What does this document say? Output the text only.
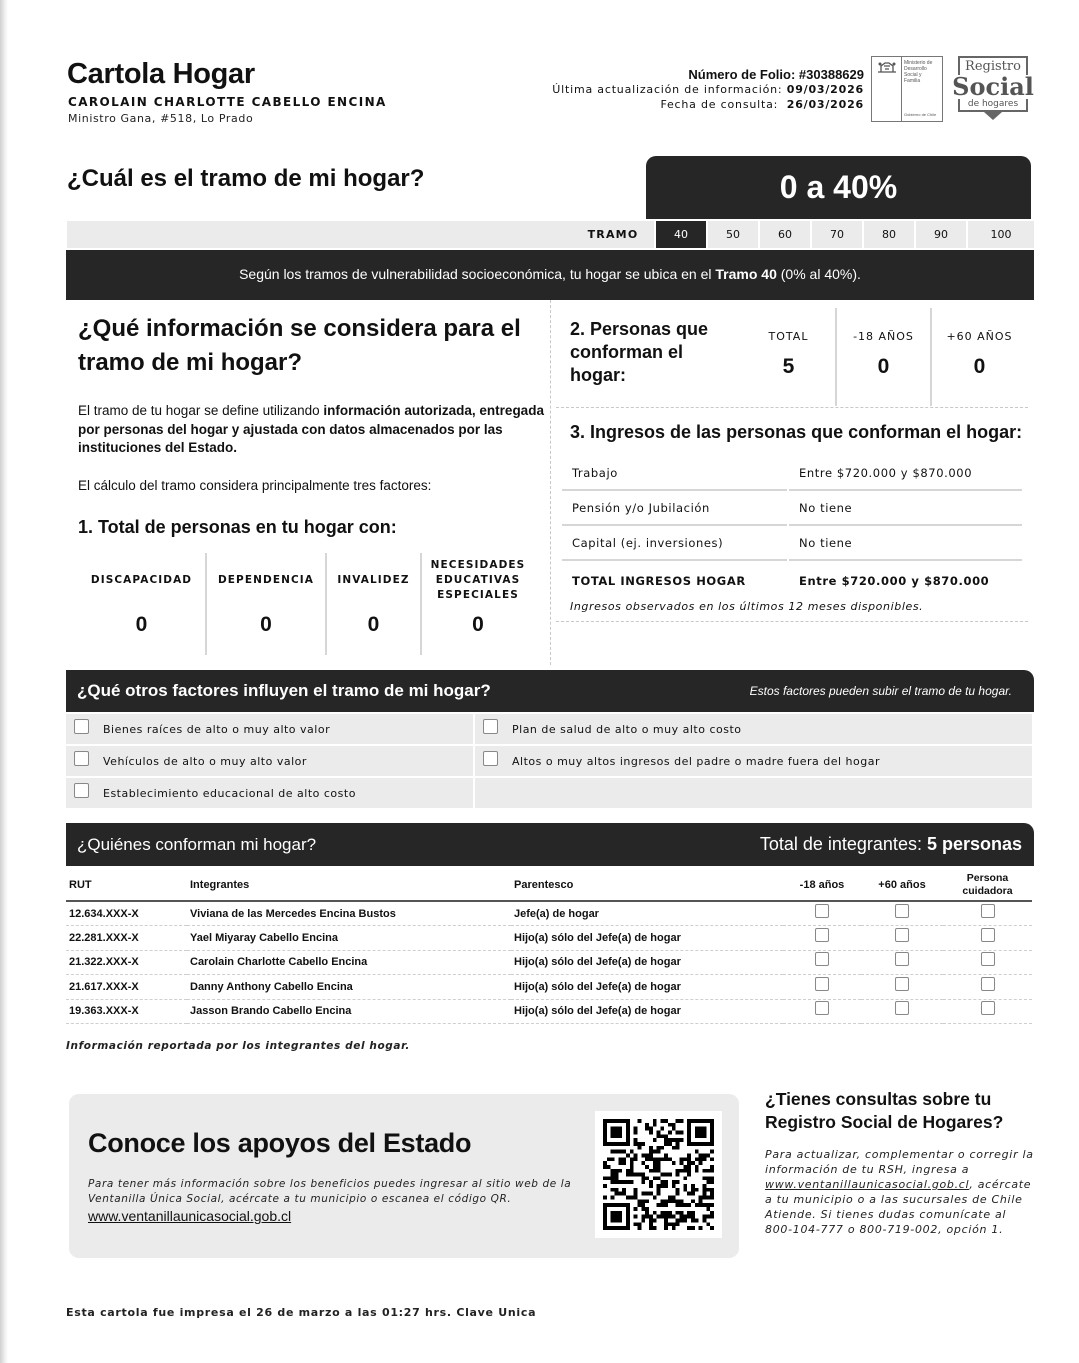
Cartola Hogar
CAROLAIN CHARLOTTE CABELLO ENCINA
Ministro Gana, #518, Lo Prado
Número de Folio: #30388629
Última actualización de información: 09/03/2026
Fecha de consulta: 26/03/2026
Ministerio de
Desarrollo
Social y
Familia
Gobierno de Chile
Registro
Social
de hogares
¿Cuál es el tramo de mi hogar?	0 a 40%
TRAMO	40	50	60	70	80	90	100
Según los tramos de vulnerabilidad socioeconómica, tu hogar se ubica en el Tramo 40 (0% al 40%).
¿Qué información se considera para el tramo de mi hogar?
El tramo de tu hogar se define utilizando información autorizada, entregada por personas del hogar y ajustada con datos almacenados por las instituciones del Estado.
El cálculo del tramo considera principalmente tres factores:
1. Total de personas en tu hogar con:
DISCAPACIDAD
0
DEPENDENCIA
0
INVALIDEZ
0
NECESIDADES EDUCATIVAS ESPECIALES
0
2. Personas que conforman el hogar:
TOTAL
5
-18 AÑOS
0
+60 AÑOS
0
3. Ingresos de las personas que conforman el hogar:
Trabajo	Entre $720.000 y $870.000
Pensión y/o Jubilación	No tiene
Capital (ej. inversiones)	No tiene
TOTAL INGRESOS HOGAR	Entre $720.000 y $870.000
Ingresos observados en los últimos 12 meses disponibles.
¿Qué otros factores influyen el tramo de mi hogar?	Estos factores pueden subir el tramo de tu hogar.
Bienes raíces de alto o muy alto valor	Plan de salud de alto o muy alto costo
Vehículos de alto o muy alto valor	Altos o muy altos ingresos del padre o madre fuera del hogar
Establecimiento educacional de alto costo
¿Quiénes conforman mi hogar?	Total de integrantes: 5 personas
RUT	Integrantes	Parentesco	-18 años	+60 años	Persona cuidadora
12.634.XXX-X	Viviana de las Mercedes Encina Bustos	Jefe(a) de hogar			
22.281.XXX-X	Yael Miyaray Cabello Encina	Hijo(a) sólo del Jefe(a) de hogar			
21.322.XXX-X	Carolain Charlotte Cabello Encina	Hijo(a) sólo del Jefe(a) de hogar			
21.617.XXX-X	Danny Anthony Cabello Encina	Hijo(a) sólo del Jefe(a) de hogar			
19.363.XXX-X	Jasson Brando Cabello Encina	Hijo(a) sólo del Jefe(a) de hogar			
Información reportada por los integrantes del hogar.
Conoce los apoyos del Estado
Para tener más información sobre los beneficios puedes ingresar al sitio web de la Ventanilla Única Social, acércate a tu municipio o escanea el código QR.
www.ventanillaunicasocial.gob.cl
¿Tienes consultas sobre tu Registro Social de Hogares?
Para actualizar, complementar o corregir la información de tu RSH, ingresa a www.ventanillaunicasocial.gob.cl, acércate a tu municipio o a las sucursales de Chile Atiende. Si tienes dudas comunícate al 800-104-777 o 800-719-002, opción 1.
Esta cartola fue impresa el 26 de marzo a las 01:27 hrs. Clave Unica
